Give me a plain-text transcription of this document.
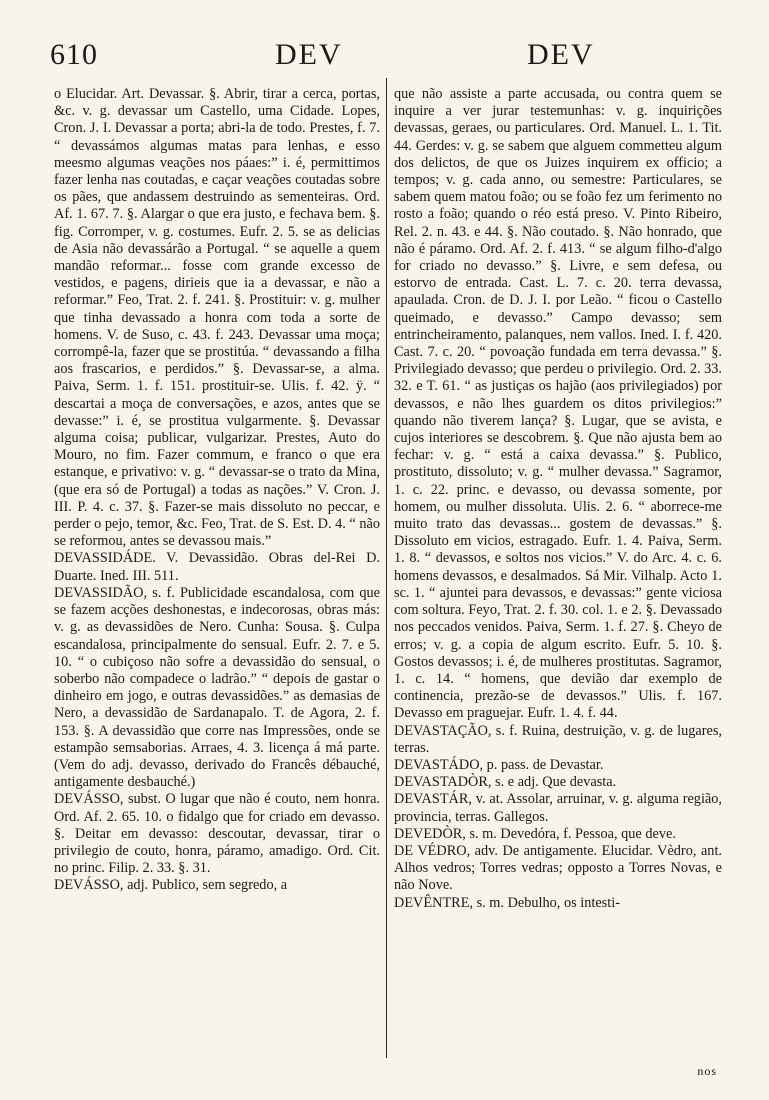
610	DEV	DEV

o Elucidar. Art. Devassar. §. Abrir, tirar a cerca, portas, &c. v. g. devassar um Castello, uma Cidade. Lopes, Cron. J. I. Devassar a porta; abri-la de todo. Prestes, f. 7. “ devassámos algumas matas para lenhas, e esso meesmo algumas veações nos páaes:” i. é, permittimos fazer lenha nas coutadas, e caçar veações coutadas sobre os pães, que andassem destruindo as sementeiras. Ord. Af. 1. 67. 7. §. Alargar o que era justo, e fechava bem. §. fig. Corromper, v. g. costumes. Eufr. 2. 5. se as delicias de Asia não devassárão a Portugal. “ se aquelle a quem mandão reformar... fosse com grande excesso de vestidos, e pagens, dirieis que ia a devassar, e não a reformar.” Feo, Trat. 2. f. 241. §. Prostituir: v. g. mulher que tinha devassado a honra com toda a sorte de homens. V. de Suso, c. 43. f. 243. Devassar uma moça; corrompê-la, fazer que se prostitúa. “ devassando a filha aos frascarios, e perdidos.” §. Devassar-se, a alma. Paiva, Serm. 1. f. 151. prostituir-se. Ulis. f. 42. ÿ. “ descartai a moça de conversações, e azos, antes que se devasse:” i. é, se prostitua vulgarmente. §. Devassar alguma coisa; publicar, vulgarizar. Prestes, Auto do Mouro, no fim. Fazer commum, e franco o que era estanque, e privativo: v. g. “ devassar-se o trato da Mina, (que era só de Portugal) a todas as nações.” V. Cron. J. III. P. 4. c. 37. §. Fazer-se mais dissoluto no peccar, e perder o pejo, temor, &c. Feo, Trat. de S. Est. D. 4. “ não se reformou, antes se devassou mais.”

DEVASSIDÁDE. V. Devassidão. Obras del-Rei D. Duarte. Ined. III. 511.

DEVASSIDÃO, s. f. Publicidade escandalosa, com que se fazem acções deshonestas, e indecorosas, obras más: v. g. as devassidões de Nero. Cunha: Sousa. §. Culpa escandalosa, principalmente do sensual. Eufr. 2. 7. e 5. 10. “ o cubiçoso não sofre a devassidão do sensual, o soberbo não compadece o ladrão.” “ depois de gastar o dinheiro em jogo, e outras devassidões.” as demasias de Nero, a devassidão de Sardanapalo. T. de Agora, 2. f. 153. §. A devassidão que corre nas Impressões, onde se estampão semsaborias. Arraes, 4. 3. licença á má parte. (Vem do adj. devasso, derivado do Francês débauché, antigamente desbauché.)

DEVÁSSO, subst. O lugar que não é couto, nem honra. Ord. Af. 2. 65. 10. o fidalgo que for criado em devasso. §. Deitar em devasso: descoutar, devassar, tirar o privilegio de couto, honra, páramo, amadigo. Ord. Cit. no princ. Filip. 2. 33. §. 31.

DEVÁSSO, adj. Publico, sem segredo, a

que não assiste a parte accusada, ou contra quem se inquire a ver jurar testemunhas: v. g. inquirições devassas, geraes, ou particulares. Ord. Manuel. L. 1. Tit. 44. Gerdes: v. g. se sabem que alguem commetteu algum dos delictos, de que os Juizes inquirem ex officio; a tempos; v. g. cada anno, ou semestre: Particulares, se sabem quem matou foão; ou se foão fez um ferimento no rosto a foão; quando o réo está preso. V. Pinto Ribeiro, Rel. 2. n. 43. e 44. §. Não coutado. §. Não honrado, que não é páramo. Ord. Af. 2. f. 413. “ se algum filho-d'algo for criado no devasso.” §. Livre, e sem defesa, ou estorvo de entrada. Cast. L. 7. c. 20. terra devassa, apaulada. Cron. de D. J. I. por Leão. “ ficou o Castello queimado, e devasso.” Campo devasso; sem entrincheiramento, palanques, nem vallos. Ined. I. f. 420. Cast. 7. c. 20. “ povoação fundada em terra devassa.” §. Privilegiado devasso; que perdeu o privilegio. Ord. 2. 33. 32. e T. 61. “ as justiças os hajão (aos privilegiados) por devassos, e não lhes guardem os ditos privilegios:” quando não tiverem lança? §. Lugar, que se avista, e cujos interiores se descobrem. §. Que não ajusta bem ao fechar: v. g. “ está a caixa devassa.” §. Publico, prostituto, dissoluto; v. g. “ mulher devassa.” Sagramor, 1. c. 22. princ. e devasso, ou devassa somente, por homem, ou mulher dissoluta. Ulis. 2. 6. “ aborrece-me muito trato das devassas... gostem de devassas.” §. Dissoluto em vicios, estragado. Eufr. 1. 4. Paiva, Serm. 1. 8. “ devassos, e soltos nos vicios.” V. do Arc. 4. c. 6. homens devassos, e desalmados. Sá Mir. Vilhalp. Acto 1. sc. 1. “ ajuntei para devassos, e devassas:” gente viciosa com soltura. Feyo, Trat. 2. f. 30. col. 1. e 2. §. Devassado nos peccados venidos. Paiva, Serm. 1. f. 27. §. Cheyo de erros; v. g. a copia de algum escrito. Eufr. 5. 10. §. Gostos devassos; i. é, de mulheres prostitutas. Sagramor, 1. c. 14. “ homens, que devião dar exemplo de continencia, prezão-se de devassos.” Ulis. f. 167. Devasso em praguejar. Eufr. 1. 4. f. 44.

DEVASTAÇÃO, s. f. Ruina, destruição, v. g. de lugares, terras.

DEVASTÁDO, p. pass. de Devastar.

DEVASTADÒR, s. e adj. Que devasta.

DEVASTÁR, v. at. Assolar, arruinar, v. g. alguma região, provincia, terras. Gallegos.

DEVEDÒR, s. m. Devedóra, f. Pessoa, que deve.

DE VÉDRO, adv. De antigamente. Elucidar. Vèdro, ant. Alhos vedros; Torres vedras; opposto a Torres Novas, e não Nove.

DEVÊNTRE, s. m. Debulho, os intesti-

nos
